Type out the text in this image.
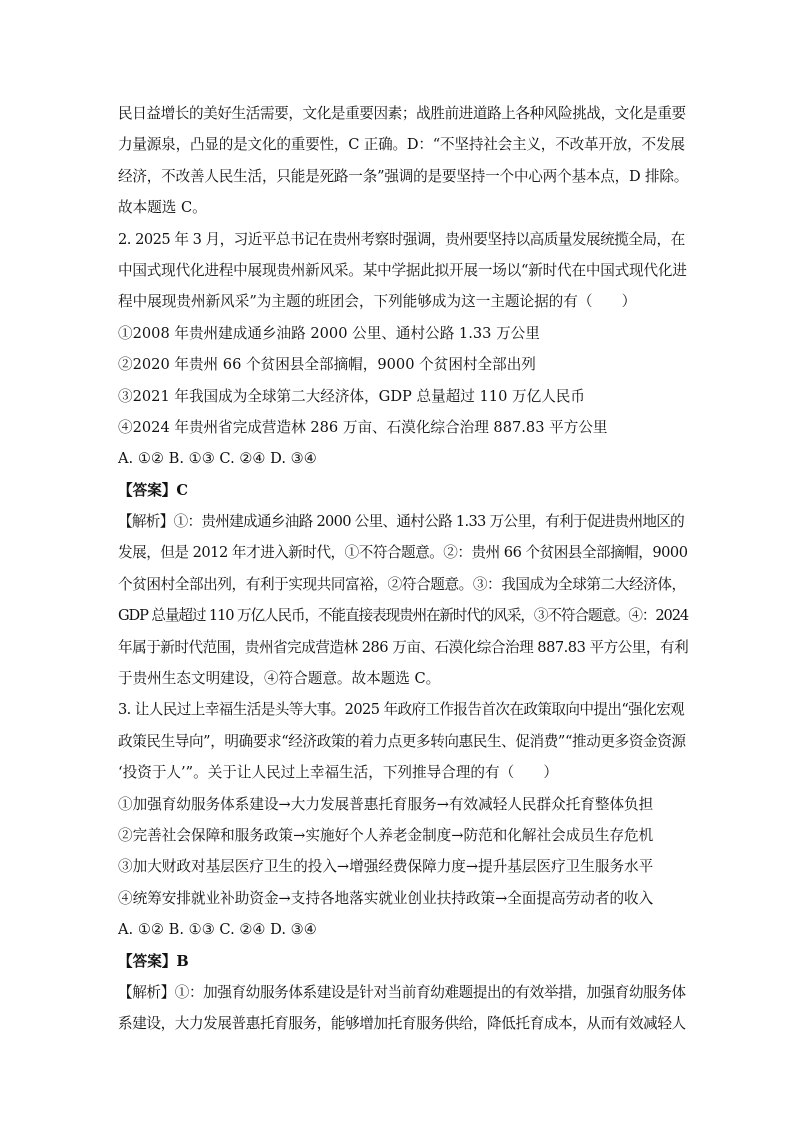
民日益增长的美好生活需要，文化是重要因素；战胜前进道路上各种风险挑战，文化是重要
力量源泉，凸显的是文化的重要性，C 正确。D：“不坚持社会主义，不改革开放，不发展
经济，不改善人民生活，只能是死路一条”强调的是要坚持一个中心两个基本点，D 排除。
故本题选 C。
2. 2025 年 3 月，习近平总书记在贵州考察时强调，贵州要坚持以高质量发展统揽全局，在
中国式现代化进程中展现贵州新风采。某中学据此拟开展一场以“新时代在中国式现代化进
程中展现贵州新风采”为主题的班团会，下列能够成为这一主题论据的有（　　）
①2008 年贵州建成通乡油路 2000 公里、通村公路 1.33 万公里
②2020 年贵州 66 个贫困县全部摘帽，9000 个贫困村全部出列
③2021 年我国成为全球第二大经济体，GDP 总量超过 110 万亿人民币
④2024 年贵州省完成营造林 286 万亩、石漠化综合治理 887.83 平方公里
A. ①② B. ①③ C. ②④ D. ③④
【答案】C
【解析】①：贵州建成通乡油路 2000 公里、通村公路 1.33 万公里，有利于促进贵州地区的
发展，但是 2012 年才进入新时代，①不符合题意。②：贵州 66 个贫困县全部摘帽，9000
个贫困村全部出列，有利于实现共同富裕，②符合题意。③：我国成为全球第二大经济体，
GDP 总量超过 110 万亿人民币，不能直接表现贵州在新时代的风采，③不符合题意。④：2024
年属于新时代范围，贵州省完成营造林 286 万亩、石漠化综合治理 887.83 平方公里，有利
于贵州生态文明建设，④符合题意。故本题选 C。
3. 让人民过上幸福生活是头等大事。2025 年政府工作报告首次在政策取向中提出“强化宏观
政策民生导向”，明确要求“经济政策的着力点更多转向惠民生、促消费”“推动更多资金资源
‘投资于人’”。关于让人民过上幸福生活，下列推导合理的有（　　）
①加强育幼服务体系建设→大力发展普惠托育服务→有效减轻人民群众托育整体负担
②完善社会保障和服务政策→实施好个人养老金制度→防范和化解社会成员生存危机
③加大财政对基层医疗卫生的投入→增强经费保障力度→提升基层医疗卫生服务水平
④统筹安排就业补助资金→支持各地落实就业创业扶持政策→全面提高劳动者的收入
A. ①② B. ①③ C. ②④ D. ③④
【答案】B
【解析】①：加强育幼服务体系建设是针对当前育幼难题提出的有效举措，加强育幼服务体
系建设，大力发展普惠托育服务，能够增加托育服务供给，降低托育成本，从而有效减轻人
